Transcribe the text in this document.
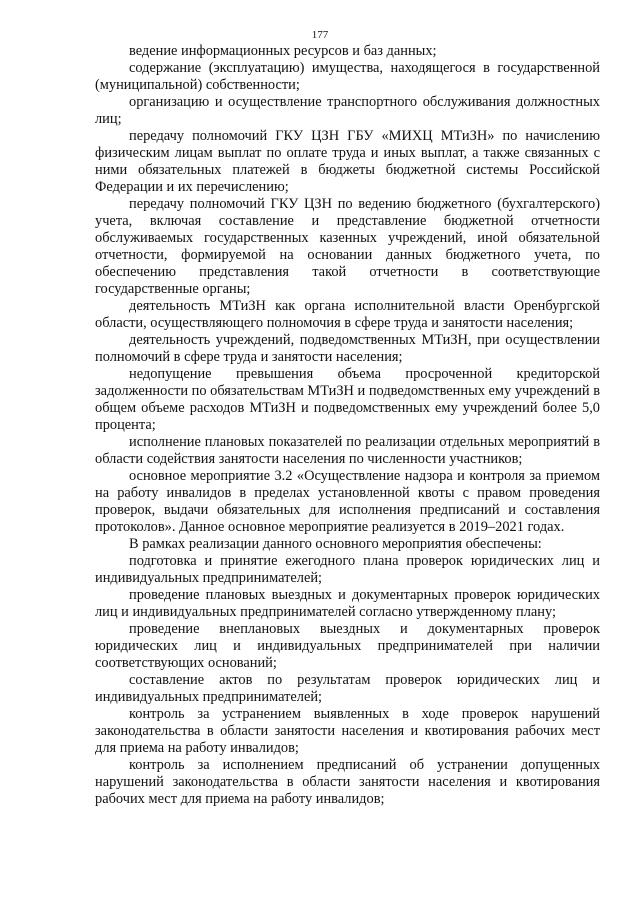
177

ведение информационных ресурсов и баз данных;

содержание (эксплуатацию) имущества, находящегося в государственной (муниципальной) собственности;

организацию и осуществление транспортного обслуживания должностных лиц;

передачу полномочий ГКУ ЦЗН ГБУ «МИХЦ МТиЗН» по начислению физическим лицам выплат по оплате труда и иных выплат, а также связанных с ними обязательных платежей в бюджеты бюджетной системы Российской Федерации и их перечислению;

передачу полномочий ГКУ ЦЗН по ведению бюджетного (бухгалтерского) учета, включая составление и представление бюджетной отчетности обслуживаемых государственных казенных учреждений, иной обязательной отчетности, формируемой на основании данных бюджетного учета, по обеспечению представления такой отчетности в соответствующие государственные органы;

деятельность МТиЗН как органа исполнительной власти Оренбургской области, осуществляющего полномочия в сфере труда и занятости населения;

деятельность учреждений, подведомственных МТиЗН, при осуществлении полномочий в сфере труда и занятости населения;

недопущение превышения объема просроченной кредиторской задолженности по обязательствам МТиЗН и подведомственных ему учреждений в общем объеме расходов МТиЗН и подведомственных ему учреждений более 5,0 процента;

исполнение плановых показателей по реализации отдельных мероприятий в области содействия занятости населения по численности участников;

основное мероприятие 3.2 «Осуществление надзора и контроля за приемом на работу инвалидов в пределах установленной квоты с правом проведения проверок, выдачи обязательных для исполнения предписаний и составления протоколов». Данное основное мероприятие реализуется в 2019–2021 годах.

В рамках реализации данного основного мероприятия обеспечены:

подготовка и принятие ежегодного плана проверок юридических лиц и индивидуальных предпринимателей;

проведение плановых выездных и документарных проверок юридических лиц и индивидуальных предпринимателей согласно утвержденному плану;

проведение внеплановых выездных и документарных проверок юридических лиц и индивидуальных предпринимателей при наличии соответствующих оснований;

составление актов по результатам проверок юридических лиц и индивидуальных предпринимателей;

контроль за устранением выявленных в ходе проверок нарушений законодательства в области занятости населения и квотирования рабочих мест для приема на работу инвалидов;

контроль за исполнением предписаний об устранении допущенных нарушений законодательства в области занятости населения и квотирования рабочих мест для приема на работу инвалидов;
